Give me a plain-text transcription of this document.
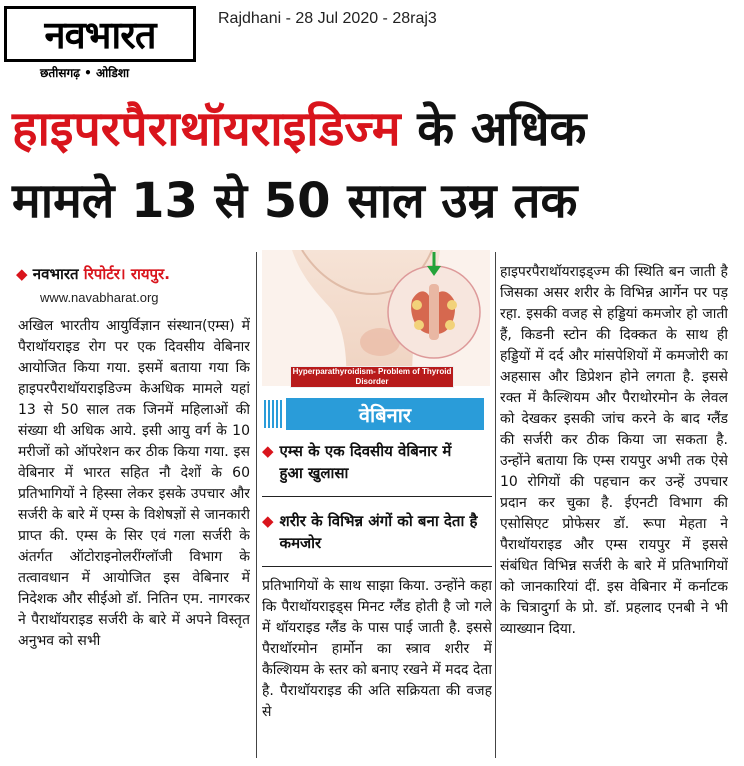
नवभारत
छतीसगढ़ • ओडिशा
Rajdhani - 28 Jul 2020 - 28raj3
हाइपरपैराथॉयराइडिज्म के अधिक
मामले 13 से 50 साल उम्र तक
◆ नवभारत रिपोर्टर। रायपुर.
www.navabharat.org

अखिल भारतीय आयुर्विज्ञान संस्थान(एम्स) में पैराथॉयराइड रोग पर एक दिवसीय वेबिनार आयोजित किया गया. इसमें बताया गया कि हाइपरपैराथॉयराइडिज्म केअधिक मामले यहां 13 से 50 साल तक जिनमें महिलाओं की संख्या थी अधिक आये. इसी आयु वर्ग के 10 मरीजों को ऑपरेशन कर ठीक किया गया. इस वेबिनार में भारत सहित नौ देशों के 60 प्रतिभागियों ने हिस्सा लेकर इसके उपचार और सर्जरी के बारे में एम्स के विशेषज्ञों से जानकारी प्राप्त की. एम्स के सिर एवं गला सर्जरी के अंतर्गत ऑटोराइनोलरींग्लॉजी विभाग के तत्वावधान में आयोजित इस वेबिनार में निदेशक और सीईओ डॉ. नितिन एम. नागरकर ने पैराथॉयराइड सर्जरी के बारे में अपने विस्तृत अनुभव को सभी

Hyperparathyroidism- Problem of Thyroid Disorder
वेबिनार
◆ एम्स के एक दिवसीय वेबिनार में हुआ खुलासा
◆ शरीर के विभिन्न अंगों को बना देता है कमजोर

प्रतिभागियों के साथ साझा किया. उन्होंने कहा कि पैराथॉयराइड्स मिनट ग्लैंड होती है जो गले में थॉयराइड ग्लैंड के पास पाई जाती है. इससे पैराथॉरमोन हार्मोन का स्त्राव शरीर में कैल्शियम के स्तर को बनाए रखने में मदद देता है. पैराथॉयराइड की अति सक्रियता की वजह से

हाइपरपैराथॉयराइड्ज्म की स्थिति बन जाती है जिसका असर शरीर के विभिन्न आर्गेन पर पड़ रहा. इसकी वजह से हड्डियां कमजोर हो जाती हैं, किडनी स्टोन की दिक्कत के साथ ही हड्डियों में दर्द और मांसपेशियों में कमजोरी का अहसास और डिप्रेशन होने लगता है. इससे रक्त में कैल्शियम और पैराथोरमोन के लेवल को देखकर इसकी जांच करने के बाद ग्लैंड की सर्जरी कर ठीक किया जा सकता है. उन्होंने बताया कि एम्स रायपुर अभी तक ऐसे 10 रोगियों की पहचान कर उन्हें उपचार प्रदान कर चुका है. ईएनटी विभाग की एसोसिएट प्रोफेसर डॉ. रूपा मेहता ने पैराथॉयराइड और एम्स रायपुर में इससे संबंधित विभिन्न सर्जरी के बारे में प्रतिभागियों को जानकारियां दीं. इस वेबिनार में कर्नाटक के चित्रादुर्गा के प्रो. डॉ. प्रहलाद एनबी ने भी व्याख्यान दिया.
